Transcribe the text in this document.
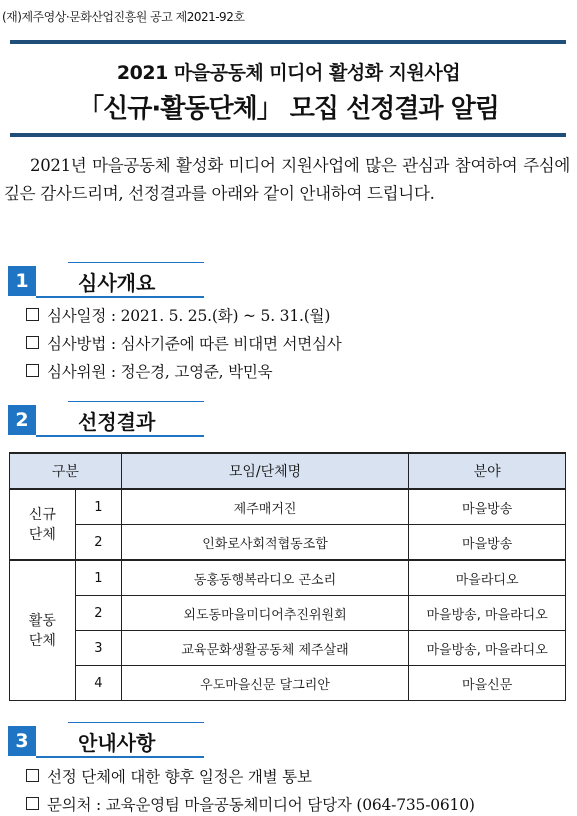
(재)제주영상·문화산업진흥원 공고 제2021-92호
2021 마을공동체 미디어 활성화 지원사업
「신규·활동단체」 모집 선정결과 알림
2021년 마을공동체 활성화 미디어 지원사업에 많은 관심과 참여하여 주심에 깊은 감사드리며, 선정결과를 아래와 같이 안내하여 드립니다.
1	심사개요
심사일정 : 2021. 5. 25.(화) ~ 5. 31.(월)
심사방법 : 심사기준에 따른 비대면 서면심사
심사위원 : 정은경, 고영준, 박민욱
2	선정결과
구분		모임/단체명	분야
신규
단체	1	제주매거진	마을방송
	2	인화로사회적협동조합	마을방송
활동
단체	1	동홍동행복라디오 곤소리	마을라디오
	2	외도동마을미디어추진위원회	마을방송, 마을라디오
	3	교육문화생활공동체 제주살래	마을방송, 마을라디오
	4	우도마을신문 달그리안	마을신문
3	안내사항
선정 단체에 대한 향후 일정은 개별 통보
문의처 : 교육운영팀 마을공동체미디어 담당자 (064-735-0610)
